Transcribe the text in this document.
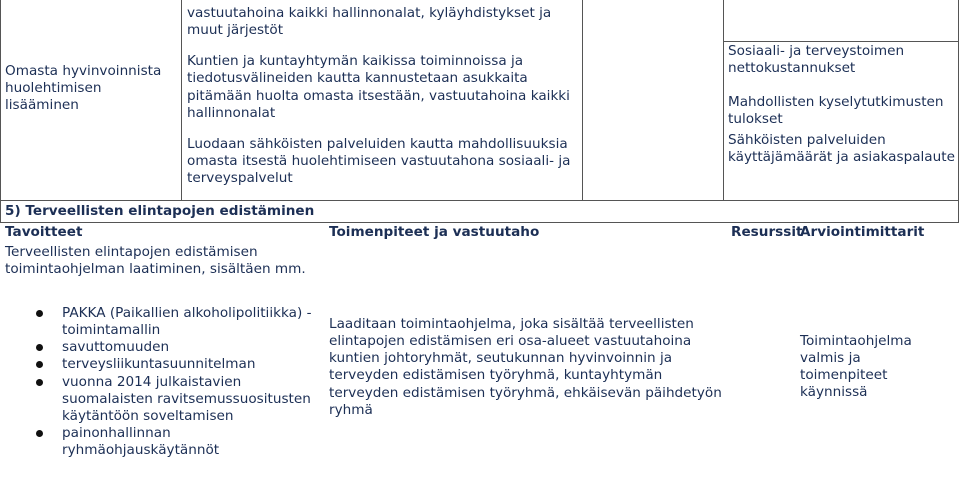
Omasta hyvinvoinnista huolehtimisen lisääminen

vastuutahoina kaikki hallinnonalat, kyläyhdistykset ja muut järjestöt

Kuntien ja kuntayhtymän kaikissa toiminnoissa ja tiedotusvälineiden kautta kannustetaan asukkaita pitämään huolta omasta itsestään, vastuutahoina kaikki hallinnonalat

Luodaan sähköisten palveluiden kautta mahdollisuuksia omasta itsestä huolehtimiseen vastuutahona sosiaali- ja terveyspalvelut

Sosiaali- ja terveystoimen nettokustannukset

Mahdollisten kyselytutkimusten tulokset

Sähköisten palveluiden käyttäjämäärät ja asiakaspalaute

5) Terveellisten elintapojen edistäminen
Tavoitteet	Toimenpiteet ja vastuutaho	Resurssit
Arviointimittarit
Terveellisten elintapojen edistämisen toimintaohjelman laatiminen, sisältäen mm.
PAKKA (Paikallien alkoholipolitiikka) -toimintamallin
savuttomuuden
terveysliikuntasuunnitelman
vuonna 2014 julkaistavien suomalaisten ravitsemussuositusten käytäntöön soveltamisen
painonhallinnan ryhmäohjauskäytännöt
Laaditaan toimintaohjelma, joka sisältää terveellisten elintapojen edistämisen eri osa-alueet vastuutahoina kuntien johtoryhmät, seutukunnan hyvinvoinnin ja terveyden edistämisen työryhmä, kuntayhtymän terveyden edistämisen työryhmä, ehkäisevän päihdetyön ryhmä
Toimintaohjelma valmis ja toimenpiteet käynnissä
